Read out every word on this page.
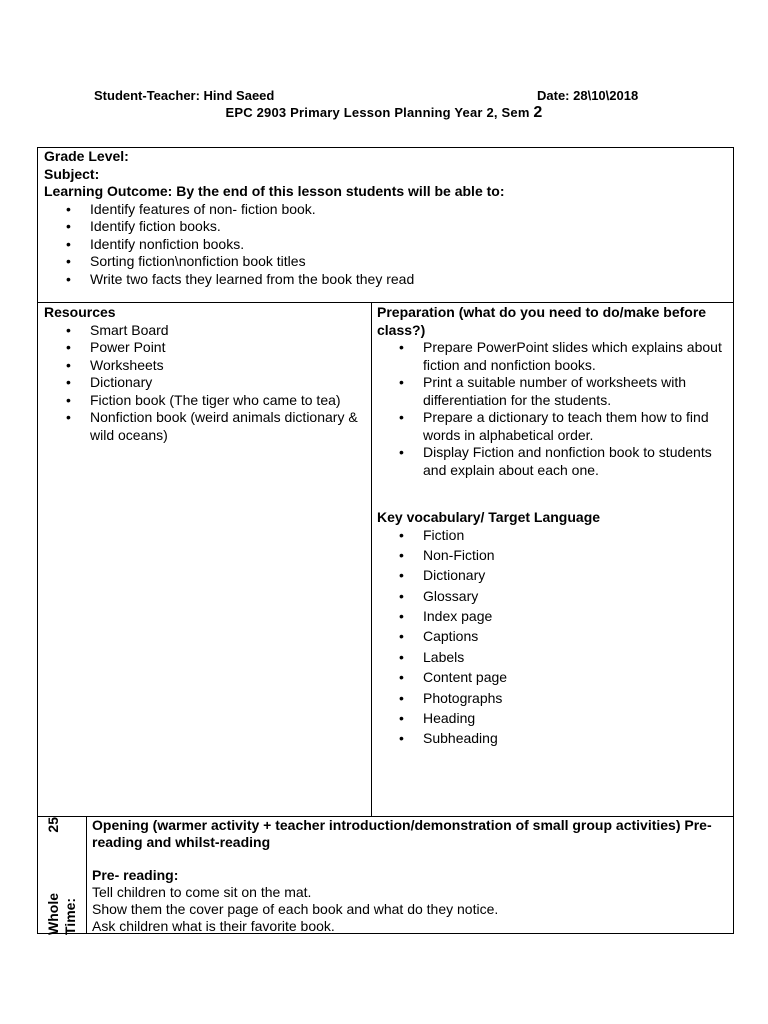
Student-Teacher: Hind Saeed	Date: 28\10\2018
EPC 2903 Primary Lesson Planning Year 2, Sem 2
Grade Level:
Subject:
Learning Outcome: By the end of this lesson students will be able to:
• Identify features of non- fiction book.
• Identify fiction books.
• Identify nonfiction books.
• Sorting fiction\nonfiction book titles
• Write two facts they learned from the book they read
Resources
• Smart Board
• Power Point
• Worksheets
• Dictionary
• Fiction book (The tiger who came to tea)
• Nonfiction book (weird animals dictionary & wild oceans)
Preparation (what do you need to do/make before class?)
• Prepare PowerPoint slides which explains about fiction and nonfiction books.
• Print a suitable number of worksheets with differentiation for the students.
• Prepare a dictionary to teach them how to find words in alphabetical order.
• Display Fiction and nonfiction book to students and explain about each one.
Key vocabulary/ Target Language
• Fiction
• Non-Fiction
• Dictionary
• Glossary
• Index page
• Captions
• Labels
• Content page
• Photographs
• Heading
• Subheading
Whole
25
Time:
Opening (warmer activity + teacher introduction/demonstration of small group activities) Pre-reading and whilst-reading
Pre- reading:
Tell children to come sit on the mat.
Show them the cover page of each book and what do they notice.
Ask children what is their favorite book.
